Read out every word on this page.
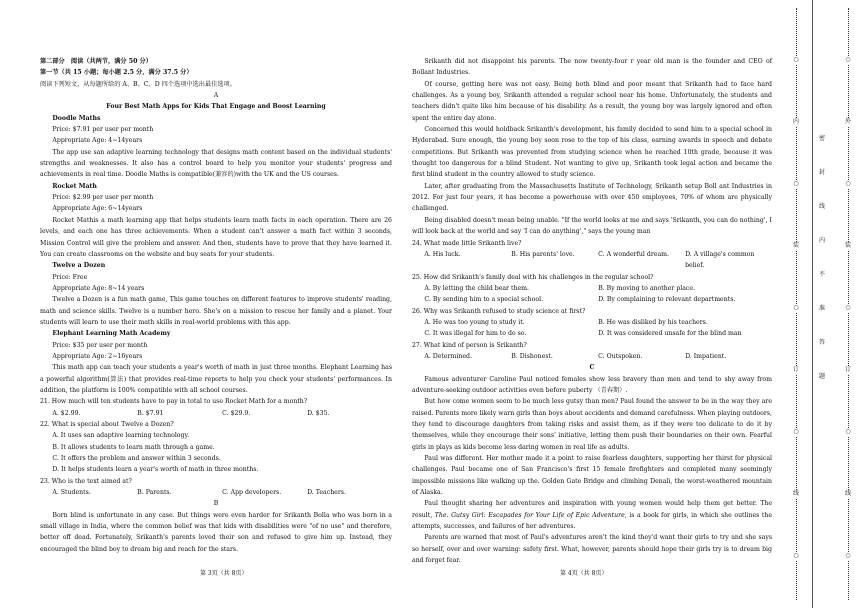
第二部分　阅读（共两节，满分 50 分）

第一节（共 15 小题；每小题 2.5 分，满分 37.5 分）

阅读下列短文，从每题所给的 A、B、C、D 四个选项中选出最佳选项。

A

Four Best Math Apps for Kids That Engage and Boost Learning

Doodle Maths

Price: $7.91 per user per month

Appropriate Age: 4~14years

The app use san adaptive learning technology that designs math content based on the individual students' strengths and weaknesses. It also has a control board to help you monitor your students' progress and achievements in real time. Doodle Maths is compatible(兼容的)with the UK and the US courses.

Rocket Math

Price: $2.99 per user per month

Appropriate Age: 6~14years

Rocket Mathis a math learning app that helps students learn math facts in each operation. There are 26 levels, and each one has three achievements. When a student can't answer a math fact within 3 seconds, Mission Control will give the problem and answer. And then, students have to prove that they have learned it. You can create classrooms on the website and buy seats for your students.

Twelve a Dozen

Price: Free

Appropriate Age: 8~14 years

Twelve a Dozen is a fun math game, This game touches on different features to improve students' reading, math and science skills. Twelve is a number hero. She's on a mission to rescue her family and a planet. Your students will learn to use their math skills in real-world problems with this app.

Elephant Learning Math Academy

Price: $35 per user per month

Appropriate Age: 2~16years

This math app can teach your students a year's worth of math in just three months. Elephant Learning has a powerful algorithm(算法) that provides real-time reports to help you check your students' performances. In addition, the platform is 100% compatible with all school courses.

21. How much will ten students have to pay in total to use Rocket Math for a month?

A. $2.99.	B. $7.91	C. $29.9.	D. $35.

22. What is special about Twelve a Dozen?

A. It uses san adaptive learning technology.

B. It allows students to learn math through a game.

C. It offers the problem and answer within 3 seconds.

D. It helps students learn a year's worth of math in three months.

23. Who is the text aimed at?

A. Students.	B. Parents.	C. App developers.	D. Teachers.

B

Born blind is unfortunate in any case. But things were even harder for Srikanth Bolla who was born in a small village in India, where the common belief was that kids with disabilities were "of no use" and therefore, better off dead. Fortunately, Srikanth's parents loved their son and refused to give him up. Instead, they encouraged the blind boy to dream big and reach for the stars.

Srikanth did not disappoint his parents. The now twenty-four r year old man is the founder and CEO of Bollant Industries.

Of course, getting here was not easy. Being both blind and poor meant that Srikanth had to face hard challenges. As a young boy, Srikanth attended a regular school near his home. Unfortunately, the students and teachers didn't quite like him because of his disability. As a result, the young boy was largely ignored and often spent the entire day alone.

Concerned this would holdback Srikanth's development, his family decided to send him to a special school in Hyderabad. Sure enough, the young boy soon rose to the top of his class, earning awards in speech and debate competitions. But Srikanth was prevented from studying science when he reached 10th grade, because it was thought too dangerous for a blind Student. Not wanting to give up, Srikanth took legal action and became the first blind student in the country allowed to study science.

Later, after graduating from the Massachusetts Institute of Technology, Srikanth setup Boll ant Industries in 2012. For just four years, it has become a powerhouse with over 450 employees, 70% of whom are physically challenged.

Being disabled doesn't mean being unable. "If the world looks at me and says 'Srikanth, you can do nothing', I will look back at the world and say 'I can do anything'," says the young man

24. What made little Srikanth live?

A. His luck.	B. His parents' love.	C. A wonderful dream.	D. A village's common belief.

25. How did Srikanth's family deal with his challenges in the regular school?

A. By letting the child bear them.	B. By moving to another place.
C. By sending him to a special school.	D. By complaining to relevant departments.

26. Why was Srikanth refused to study science at first?

A. He was too young to study it.	B. He was disliked by his teachers.
C. It was illegal for him to do so.	D. It was considered unsafe for the blind man

27. What kind of person is Srikanth?

A. Determined.	B. Dishonest.	C. Outspoken.	D. Impatient.

C

Famous adventurer Caroline Paul noticed females show less bravery than men and tend to shy away from adventure-seeking outdoor activities even before puberty （青春期）.

But how come women seem to be much less gutsy than men? Paul found the answer to be in the way they are raised. Parents more likely warn girls than boys about accidents and demand carefulness. When playing outdoors, they tend to discourage daughters from taking risks and assist them, as if they were too delicate to do it by themselves, while they encourage their sons' initiative, letting them push their boundaries on their own. Fearful girls in plays as kids become less daring women in real life as adults.

Paul was different. Her mother made it a point to raise fearless daughters, supporting her thirst for physical challenges. Paul became one of San Francisco's first 15 female firefighters and completed many seemingly impossible missions like walking up the. Golden Gate Bridge and climbing Denali, the worst-weathered mountain of Alaska.

Paul thought sharing her adventures and inspiration with young women would help them get better. The result, The. Gutsy Girl: Escapades for Your Life of Epic Adventure, is a book for girls, in which she outlines the attempts, successes, and failures of her adventures.

Parents are warned that most of Paul's adventures aren't the kind they'd want their girls to try and she says so herself, over and over warning: safety first. What, however, parents should hope their girls try is to dream big and forget fear.

第 3页（共 8页）	第 4页（共 8页）
○
内
○
装
○
订
○
线
○
密
封
线
内
不
准
答
题
○
外
○
装
○
订
○
线
○
